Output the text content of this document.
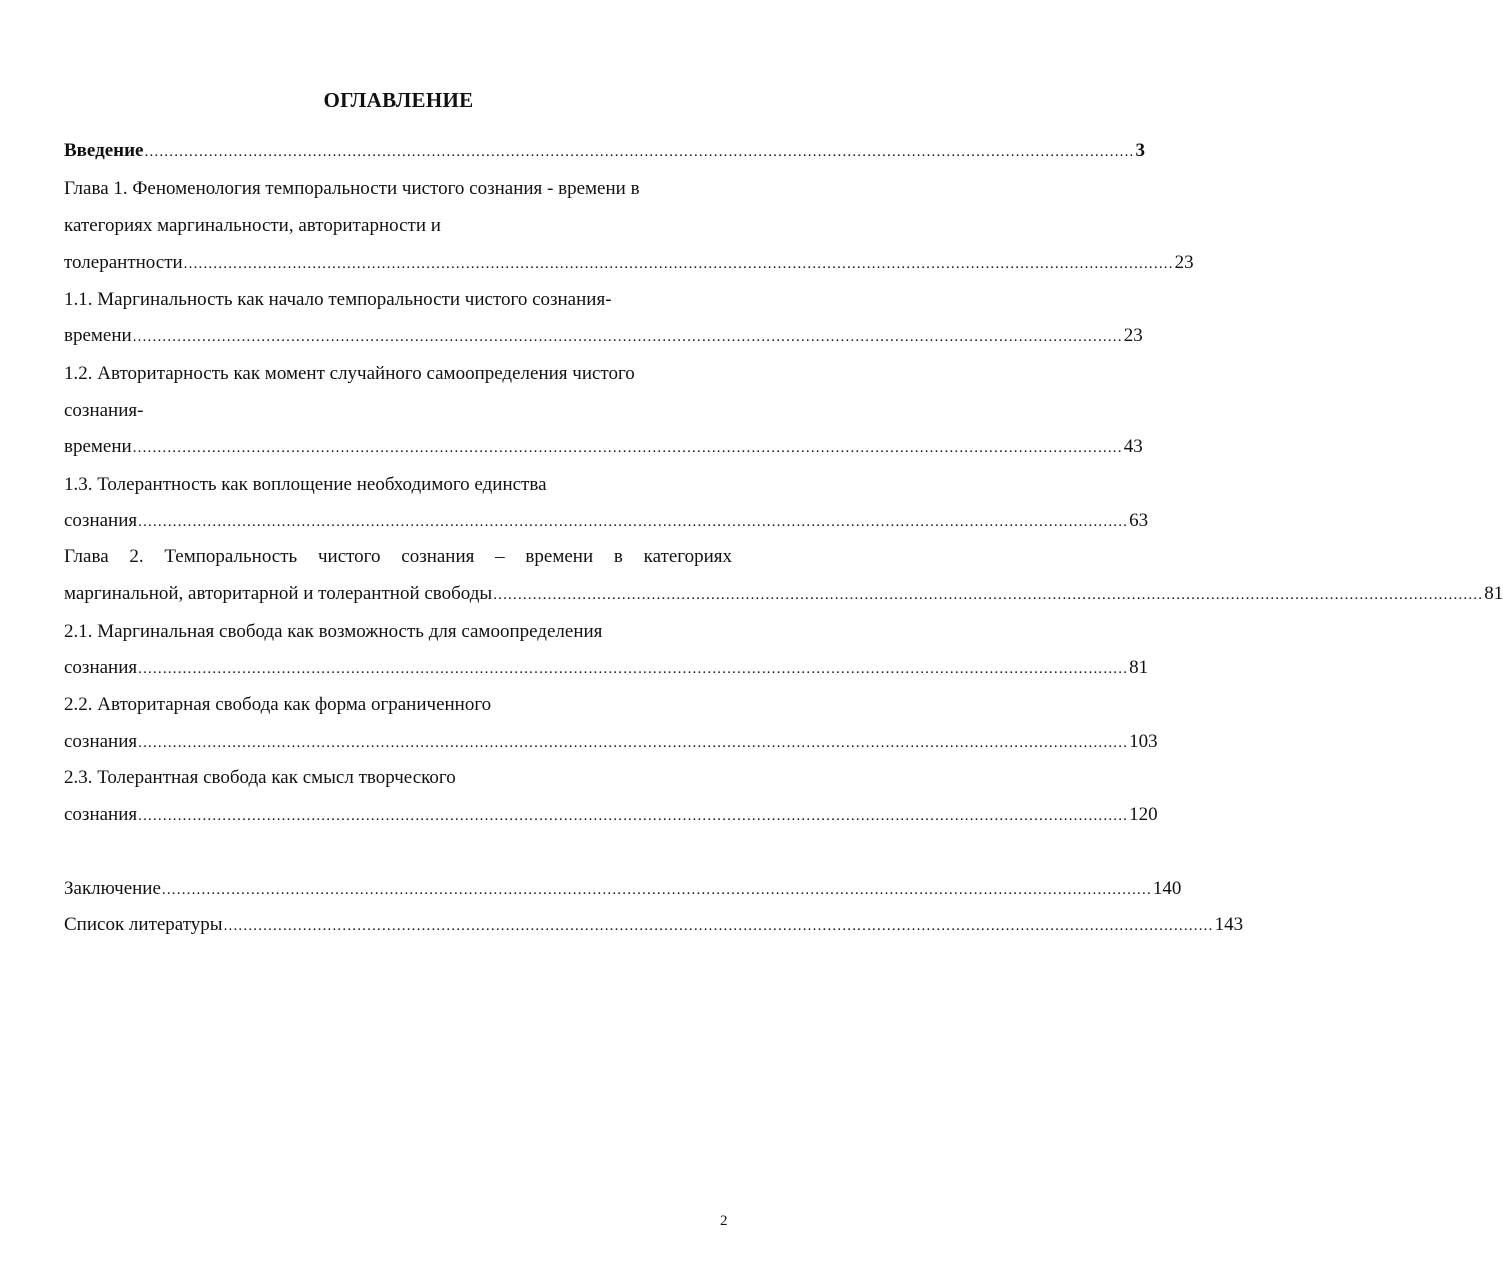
ОГЛАВЛЕНИЕ
Введение ........................................................................................................................................................................................................ 3
Глава 1. Феноменология темпоральности чистого сознания - времени в
категориях маргинальности, авторитарности и
толерантности ........................................................................................................................................................................................................ 23
1.1. Маргинальность как начало темпоральности чистого сознания-
времени ........................................................................................................................................................................................................ 23
1.2. Авторитарность как момент случайного самоопределения чистого
сознания-
времени ........................................................................................................................................................................................................ 43
1.3. Толерантность как воплощение необходимого единства
сознания ........................................................................................................................................................................................................ 63
Глава 2. Темпоральность чистого сознания – времени в категориях
маргинальной, авторитарной и толерантной свободы ........................................................................................................................................................................................................ 81
2.1. Маргинальная свобода как возможность для самоопределения
сознания ........................................................................................................................................................................................................ 81
2.2. Авторитарная свобода как форма ограниченного
сознания ........................................................................................................................................................................................................ 103
2.3. Толерантная свобода как смысл творческого
сознания ........................................................................................................................................................................................................ 120
Заключение ........................................................................................................................................................................................................ 140
Список литературы ........................................................................................................................................................................................................ 143
2
